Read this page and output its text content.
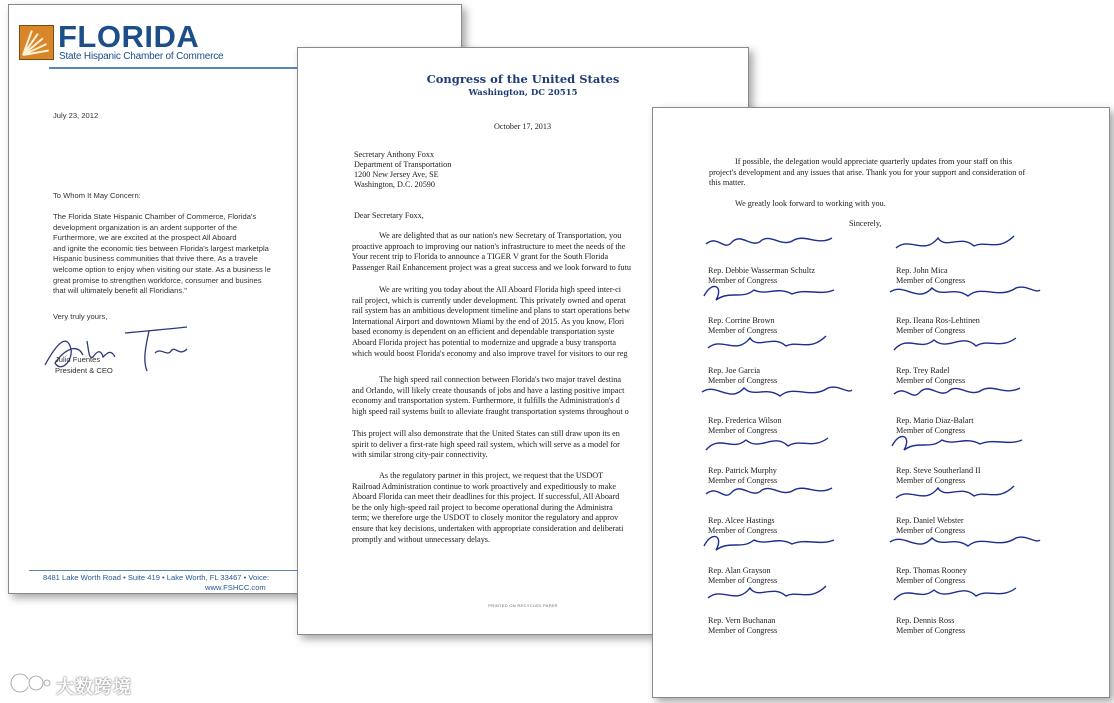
FLORIDA
State Hispanic Chamber of Commerce
July 23, 2012
To Whom It May Concern:

The Florida State Hispanic Chamber of Commerce, Florida's

development organization is an ardent supporter of the

Furthermore, we are excited at the prospect All Aboard

and ignite the economic ties between Florida's largest marketpla

Hispanic business communities that thrive there. As a travele

welcome option to enjoy when visiting our state. As a business le

great promise to strengthen workforce, consumer and busines

that will ultimately benefit all Floridians."

Very truly yours,
Julio Fuentes
President & CEO
8481 Lake Worth Road • Suite 419 • Lake Worth, FL 33467 • Voice:
www.FSHCC.com
Congress of the United States
Washington, DC 20515
October 17, 2013
Secretary Anthony Foxx
Department of Transportation
1200 New Jersey Ave, SE
Washington, D.C. 20590
Dear Secretary Foxx,

We are delighted that as our nation's new Secretary of Transportation, you

proactive approach to improving our nation's infrastructure to meet the needs of the

Your recent trip to Florida to announce a TIGER V grant for the South Florida

Passenger Rail Enhancement project was a great success and we look forward to futu

We are writing you today about the All Aboard Florida high speed inter-ci

rail project, which is currently under development. This privately owned and operat

rail system has an ambitious development timeline and plans to start operations betw

International Airport and downtown Miami by the end of 2015. As you know, Flori

based economy is dependent on an efficient and dependable transportation syste

Aboard Florida project has potential to modernize and upgrade a busy transporta

which would boost Florida's economy and also improve travel for visitors to our reg

The high speed rail connection between Florida's two major travel destina

and Orlando, will likely create thousands of jobs and have a lasting positive impact

economy and transportation system. Furthermore, it fulfills the Administration's d

high speed rail systems built to alleviate fraught transportation systems throughout o

This project will also demonstrate that the United States can still draw upon its en

spirit to deliver a first-rate high speed rail system, which will serve as a model for

with similar strong city-pair connectivity.

As the regulatory partner in this project, we request that the USDOT

Railroad Administration continue to work proactively and expeditiously to make

Aboard Florida can meet their deadlines for this project. If successful, All Aboard

be the only high-speed rail project to become operational during the Administra

term; we therefore urge the USDOT to closely monitor the regulatory and approv

ensure that key decisions, undertaken with appropriate consideration and deliberati

promptly and without unnecessary delays.

PRINTED ON RECYCLED PAPER

If possible, the delegation would appreciate quarterly updates from your staff on this

project's development and any issues that arise. Thank you for your support and consideration of

this matter.

We greatly look forward to working with you.
Sincerely,
Rep. Debbie Wasserman Schultz
Member of Congress
Rep. Corrine Brown
Member of Congress
Rep. Joe Garcia
Member of Congress
Rep. Frederica Wilson
Member of Congress
Rep. Patrick Murphy
Member of Congress
Rep. Alcee Hastings
Member of Congress
Rep. Alan Grayson
Member of Congress
Rep. Vern Buchanan
Member of Congress
Rep. John Mica
Member of Congress
Rep. Ileana Ros-Lehtinen
Member of Congress
Rep. Trey Radel
Member of Congress
Rep. Mario Diaz-Balart
Member of Congress
Rep. Steve Southerland II
Member of Congress
Rep. Daniel Webster
Member of Congress
Rep. Thomas Rooney
Member of Congress
Rep. Dennis Ross
Member of Congress
大数跨境
